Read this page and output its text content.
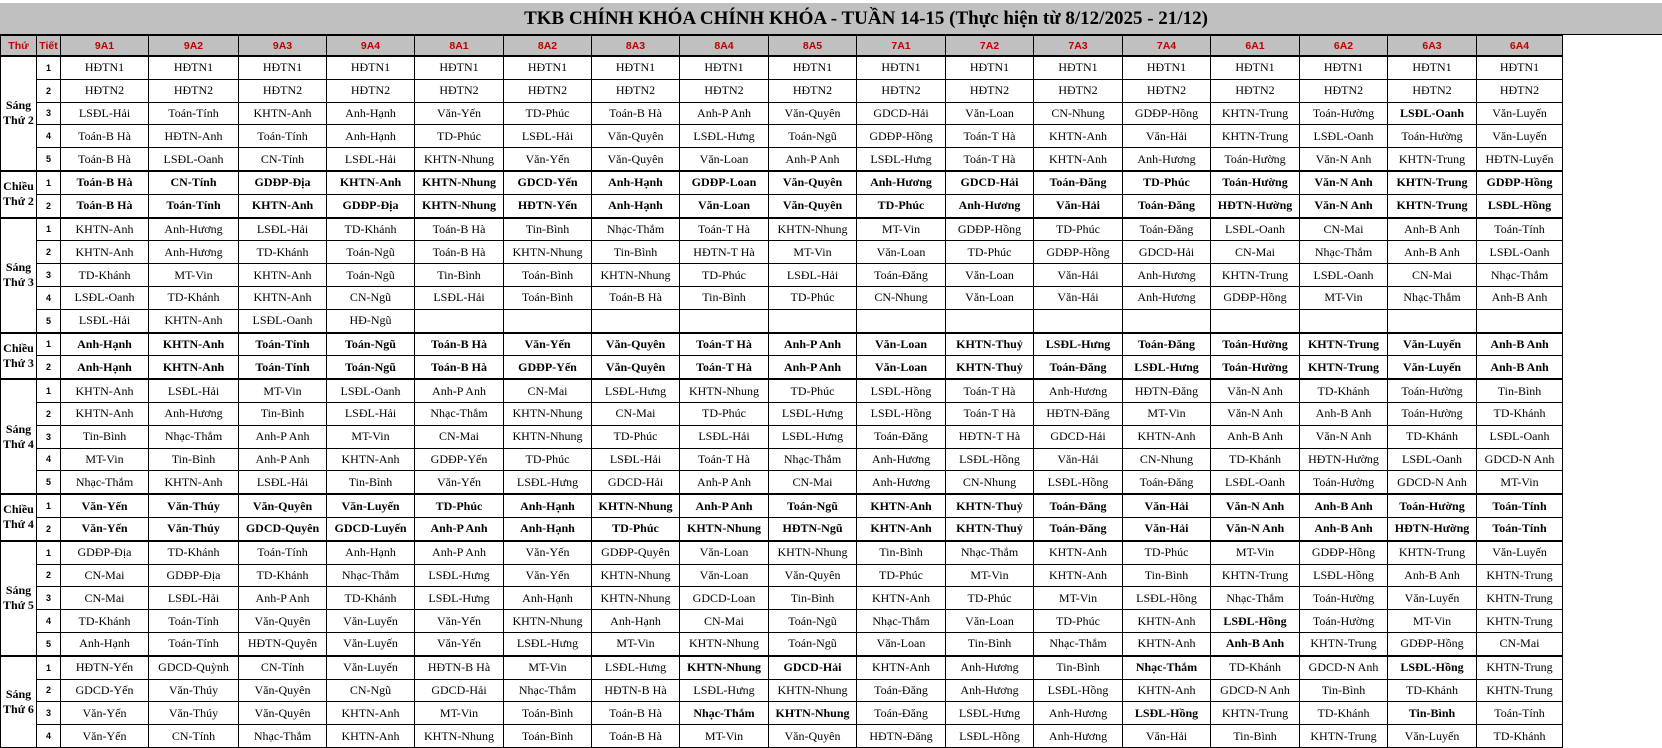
TKB CHÍNH KHÓA CHÍNH KHÓA - TUẦN 14-15 (Thực hiện từ 8/12/2025 - 21/12)
Thứ	Tiết	9A1	9A2	9A3	9A4	8A1	8A2	8A3	8A4	8A5	7A1	7A2	7A3	7A4	6A1	6A2	6A3	6A4
Sáng Thứ 2	1	HĐTN1	HĐTN1	HĐTN1	HĐTN1	HĐTN1	HĐTN1	HĐTN1	HĐTN1	HĐTN1	HĐTN1	HĐTN1	HĐTN1	HĐTN1	HĐTN1	HĐTN1	HĐTN1	HĐTN1
	2	HĐTN2	HĐTN2	HĐTN2	HĐTN2	HĐTN2	HĐTN2	HĐTN2	HĐTN2	HĐTN2	HĐTN2	HĐTN2	HĐTN2	HĐTN2	HĐTN2	HĐTN2	HĐTN2	HĐTN2
	3	LSĐL-Hải	Toán-Tính	KHTN-Anh	Anh-Hạnh	Văn-Yến	TD-Phúc	Toán-B Hà	Anh-P Anh	Văn-Quyên	GDCD-Hải	Văn-Loan	CN-Nhung	GDĐP-Hồng	KHTN-Trung	Toán-Hường	LSĐL-Oanh	Văn-Luyến
	4	Toán-B Hà	HĐTN-Anh	Toán-Tính	Anh-Hạnh	TD-Phúc	LSĐL-Hải	Văn-Quyên	LSĐL-Hưng	Toán-Ngũ	GDĐP-Hồng	Toán-T Hà	KHTN-Anh	Văn-Hải	KHTN-Trung	LSĐL-Oanh	Toán-Hường	Văn-Luyến
	5	Toán-B Hà	LSĐL-Oanh	CN-Tính	LSĐL-Hải	KHTN-Nhung	Văn-Yến	Văn-Quyên	Văn-Loan	Anh-P Anh	LSĐL-Hưng	Toán-T Hà	KHTN-Anh	Anh-Hương	Toán-Hường	Văn-N Anh	KHTN-Trung	HĐTN-Luyến
Chiều Thứ 2	1	Toán-B Hà	CN-Tính	GDĐP-Địa	KHTN-Anh	KHTN-Nhung	GDCD-Yến	Anh-Hạnh	GDĐP-Loan	Văn-Quyên	Anh-Hương	GDCD-Hải	Toán-Đăng	TD-Phúc	Toán-Hường	Văn-N Anh	KHTN-Trung	GDĐP-Hồng
	2	Toán-B Hà	Toán-Tính	KHTN-Anh	GDĐP-Địa	KHTN-Nhung	HĐTN-Yến	Anh-Hạnh	Văn-Loan	Văn-Quyên	TD-Phúc	Anh-Hương	Văn-Hải	Toán-Đăng	HĐTN-Hường	Văn-N Anh	KHTN-Trung	LSĐL-Hồng
Sáng Thứ 3	1	KHTN-Anh	Anh-Hương	LSĐL-Hải	TD-Khánh	Toán-B Hà	Tin-Bình	Nhạc-Thắm	Toán-T Hà	KHTN-Nhung	MT-Vin	GDĐP-Hồng	TD-Phúc	Toán-Đăng	LSĐL-Oanh	CN-Mai	Anh-B Anh	Toán-Tính
	2	KHTN-Anh	Anh-Hương	TD-Khánh	Toán-Ngũ	Toán-B Hà	KHTN-Nhung	Tin-Bình	HĐTN-T Hà	MT-Vin	Văn-Loan	TD-Phúc	GDĐP-Hồng	GDCD-Hải	CN-Mai	Nhạc-Thắm	Anh-B Anh	LSĐL-Oanh
	3	TD-Khánh	MT-Vin	KHTN-Anh	Toán-Ngũ	Tin-Bình	Toán-Bình	KHTN-Nhung	TD-Phúc	LSĐL-Hải	Toán-Đăng	Văn-Loan	Văn-Hải	Anh-Hương	KHTN-Trung	LSĐL-Oanh	CN-Mai	Nhạc-Thắm
	4	LSĐL-Oanh	TD-Khánh	KHTN-Anh	CN-Ngũ	LSĐL-Hải	Toán-Bình	Toán-B Hà	Tin-Bình	TD-Phúc	CN-Nhung	Văn-Loan	Văn-Hải	Anh-Hương	GDĐP-Hồng	MT-Vin	Nhạc-Thắm	Anh-B Anh
	5	LSĐL-Hải	KHTN-Anh	LSĐL-Oanh	HĐ-Ngũ													
Chiều Thứ 3	1	Anh-Hạnh	KHTN-Anh	Toán-Tính	Toán-Ngũ	Toán-B Hà	Văn-Yến	Văn-Quyên	Toán-T Hà	Anh-P Anh	Văn-Loan	KHTN-Thuỷ	LSĐL-Hưng	Toán-Đăng	Toán-Hường	KHTN-Trung	Văn-Luyến	Anh-B Anh
	2	Anh-Hạnh	KHTN-Anh	Toán-Tính	Toán-Ngũ	Toán-B Hà	GDĐP-Yến	Văn-Quyên	Toán-T Hà	Anh-P Anh	Văn-Loan	KHTN-Thuỷ	Toán-Đăng	LSĐL-Hưng	Toán-Hường	KHTN-Trung	Văn-Luyến	Anh-B Anh
Sáng Thứ 4	1	KHTN-Anh	LSĐL-Hải	MT-Vin	LSĐL-Oanh	Anh-P Anh	CN-Mai	LSĐL-Hưng	KHTN-Nhung	TD-Phúc	LSĐL-Hồng	Toán-T Hà	Anh-Hương	HĐTN-Đăng	Văn-N Anh	TD-Khánh	Toán-Hường	Tin-Bình
	2	KHTN-Anh	Anh-Hương	Tin-Bình	LSĐL-Hải	Nhạc-Thắm	KHTN-Nhung	CN-Mai	TD-Phúc	LSĐL-Hưng	LSĐL-Hồng	Toán-T Hà	HĐTN-Đăng	MT-Vin	Văn-N Anh	Anh-B Anh	Toán-Hường	TD-Khánh
	3	Tin-Bình	Nhạc-Thắm	Anh-P Anh	MT-Vin	CN-Mai	KHTN-Nhung	TD-Phúc	LSĐL-Hải	LSĐL-Hưng	Toán-Đăng	HĐTN-T Hà	GDCD-Hải	KHTN-Anh	Anh-B Anh	Văn-N Anh	TD-Khánh	LSĐL-Oanh
	4	MT-Vin	Tin-Bình	Anh-P Anh	KHTN-Anh	GDĐP-Yến	TD-Phúc	LSĐL-Hải	Toán-T Hà	Nhạc-Thắm	Anh-Hương	LSĐL-Hồng	Văn-Hải	CN-Nhung	TD-Khánh	HĐTN-Hường	LSĐL-Oanh	GDCD-N Anh
	5	Nhạc-Thắm	KHTN-Anh	LSĐL-Hải	Tin-Bình	Văn-Yến	LSĐL-Hưng	GDCD-Hải	Anh-P Anh	CN-Mai	Anh-Hương	CN-Nhung	LSĐL-Hồng	Toán-Đăng	LSĐL-Oanh	Toán-Hường	GDCD-N Anh	MT-Vin
Chiều Thứ 4	1	Văn-Yến	Văn-Thúy	Văn-Quyên	Văn-Luyến	TD-Phúc	Anh-Hạnh	KHTN-Nhung	Anh-P Anh	Toán-Ngũ	KHTN-Anh	KHTN-Thuỷ	Toán-Đăng	Văn-Hải	Văn-N Anh	Anh-B Anh	Toán-Hường	Toán-Tính
	2	Văn-Yến	Văn-Thúy	GDCD-Quyên	GDCD-Luyến	Anh-P Anh	Anh-Hạnh	TD-Phúc	KHTN-Nhung	HĐTN-Ngũ	KHTN-Anh	KHTN-Thuỷ	Toán-Đăng	Văn-Hải	Văn-N Anh	Anh-B Anh	HĐTN-Hường	Toán-Tính
Sáng Thứ 5	1	GDĐP-Địa	TD-Khánh	Toán-Tính	Anh-Hạnh	Anh-P Anh	Văn-Yến	GDĐP-Quyên	Văn-Loan	KHTN-Nhung	Tin-Bình	Nhạc-Thắm	KHTN-Anh	TD-Phúc	MT-Vin	GDĐP-Hồng	KHTN-Trung	Văn-Luyến
	2	CN-Mai	GDĐP-Địa	TD-Khánh	Nhạc-Thắm	LSĐL-Hưng	Văn-Yến	KHTN-Nhung	Văn-Loan	Văn-Quyên	TD-Phúc	MT-Vin	KHTN-Anh	Tin-Bình	KHTN-Trung	LSĐL-Hồng	Anh-B Anh	KHTN-Trung
	3	CN-Mai	LSĐL-Hải	Anh-P Anh	TD-Khánh	LSĐL-Hưng	Anh-Hạnh	KHTN-Nhung	GDCD-Loan	Tin-Bình	KHTN-Anh	TD-Phúc	MT-Vin	LSĐL-Hồng	Nhạc-Thắm	Toán-Hường	Văn-Luyến	KHTN-Trung
	4	TD-Khánh	Toán-Tính	Văn-Quyên	Văn-Luyến	Văn-Yến	KHTN-Nhung	Anh-Hạnh	CN-Mai	Toán-Ngũ	Nhạc-Thắm	Văn-Loan	TD-Phúc	KHTN-Anh	LSĐL-Hồng	Toán-Hường	MT-Vin	KHTN-Trung
	5	Anh-Hạnh	Toán-Tính	HĐTN-Quyên	Văn-Luyến	Văn-Yến	LSĐL-Hưng	MT-Vin	KHTN-Nhung	Toán-Ngũ	Văn-Loan	Tin-Bình	Nhạc-Thắm	KHTN-Anh	Anh-B Anh	KHTN-Trung	GDĐP-Hồng	CN-Mai
Sáng Thứ 6	1	HĐTN-Yến	GDCD-Quỳnh	CN-Tính	Văn-Luyến	HĐTN-B Hà	MT-Vin	LSĐL-Hưng	KHTN-Nhung	GDCD-Hải	KHTN-Anh	Anh-Hương	Tin-Bình	Nhạc-Thắm	TD-Khánh	GDCD-N Anh	LSĐL-Hồng	KHTN-Trung
	2	GDCD-Yến	Văn-Thúy	Văn-Quyên	CN-Ngũ	GDCD-Hải	Nhạc-Thắm	HĐTN-B Hà	LSĐL-Hưng	KHTN-Nhung	Toán-Đăng	Anh-Hương	LSĐL-Hồng	KHTN-Anh	GDCD-N Anh	Tin-Bình	TD-Khánh	KHTN-Trung
	3	Văn-Yến	Văn-Thúy	Văn-Quyên	KHTN-Anh	MT-Vin	Toán-Bình	Toán-B Hà	Nhạc-Thắm	KHTN-Nhung	Toán-Đăng	LSĐL-Hưng	Anh-Hương	LSĐL-Hồng	KHTN-Trung	TD-Khánh	Tin-Bình	Toán-Tính
	4	Văn-Yến	CN-Tính	Nhạc-Thắm	KHTN-Anh	KHTN-Nhung	Toán-Bình	Toán-B Hà	MT-Vin	Văn-Quyên	HĐTN-Đăng	LSĐL-Hồng	Anh-Hương	Văn-Hải	Tin-Bình	KHTN-Trung	Văn-Luyến	TD-Khánh
